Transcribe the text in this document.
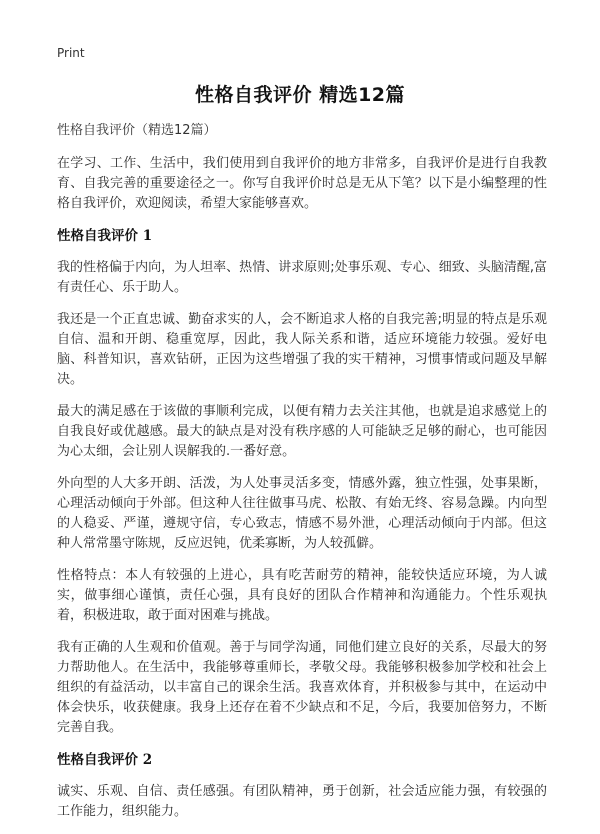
Print
性格自我评价 精选12篇
性格自我评价（精选12篇）

在学习、工作、生活中，我们使用到自我评价的地方非常多，自我评价是进行自我教育、自我完善的重要途径之一。你写自我评价时总是无从下笔？以下是小编整理的性格自我评价，欢迎阅读，希望大家能够喜欢。

性格自我评价 1

我的性格偏于内向，为人坦率、热情、讲求原则;处事乐观、专心、细致、头脑清醒,富有责任心、乐于助人。

我还是一个正直忠诚、勤奋求实的人，会不断追求人格的自我完善;明显的特点是乐观自信、温和开朗、稳重宽厚，因此，我人际关系和谐，适应环境能力较强。爱好电脑、科普知识，喜欢钻研，正因为这些增强了我的实干精神，习惯事情或问题及早解决。

最大的满足感在于该做的事顺利完成，以便有精力去关注其他，也就是追求感觉上的自我良好或优越感。最大的缺点是对没有秩序感的人可能缺乏足够的耐心，也可能因为心太细，会让别人误解我的.一番好意。

外向型的人大多开朗、活泼，为人处事灵活多变，情感外露，独立性强，处事果断，心理活动倾向于外部。但这种人往往做事马虎、松散、有始无终、容易急躁。内向型的人稳妥、严谨，遵规守信，专心致志，情感不易外泄，心理活动倾向于内部。但这种人常常墨守陈规，反应迟钝，优柔寡断，为人较孤僻。

性格特点：本人有较强的上进心，具有吃苦耐劳的精神，能较快适应环境，为人诚实，做事细心谨慎，责任心强，具有良好的团队合作精神和沟通能力。个性乐观执着，积极进取，敢于面对困难与挑战。

我有正确的人生观和价值观。善于与同学沟通，同他们建立良好的关系，尽最大的努力帮助他人。在生活中，我能够尊重师长，孝敬父母。我能够积极参加学校和社会上组织的有益活动，以丰富自己的课余生活。我喜欢体育，并积极参与其中，在运动中体会快乐，收获健康。我身上还存在着不少缺点和不足，今后，我要加倍努力，不断完善自我。

性格自我评价 2

诚实、乐观、自信、责任感强。有团队精神，勇于创新，社会适应能力强，有较强的工作能力，组织能力。
